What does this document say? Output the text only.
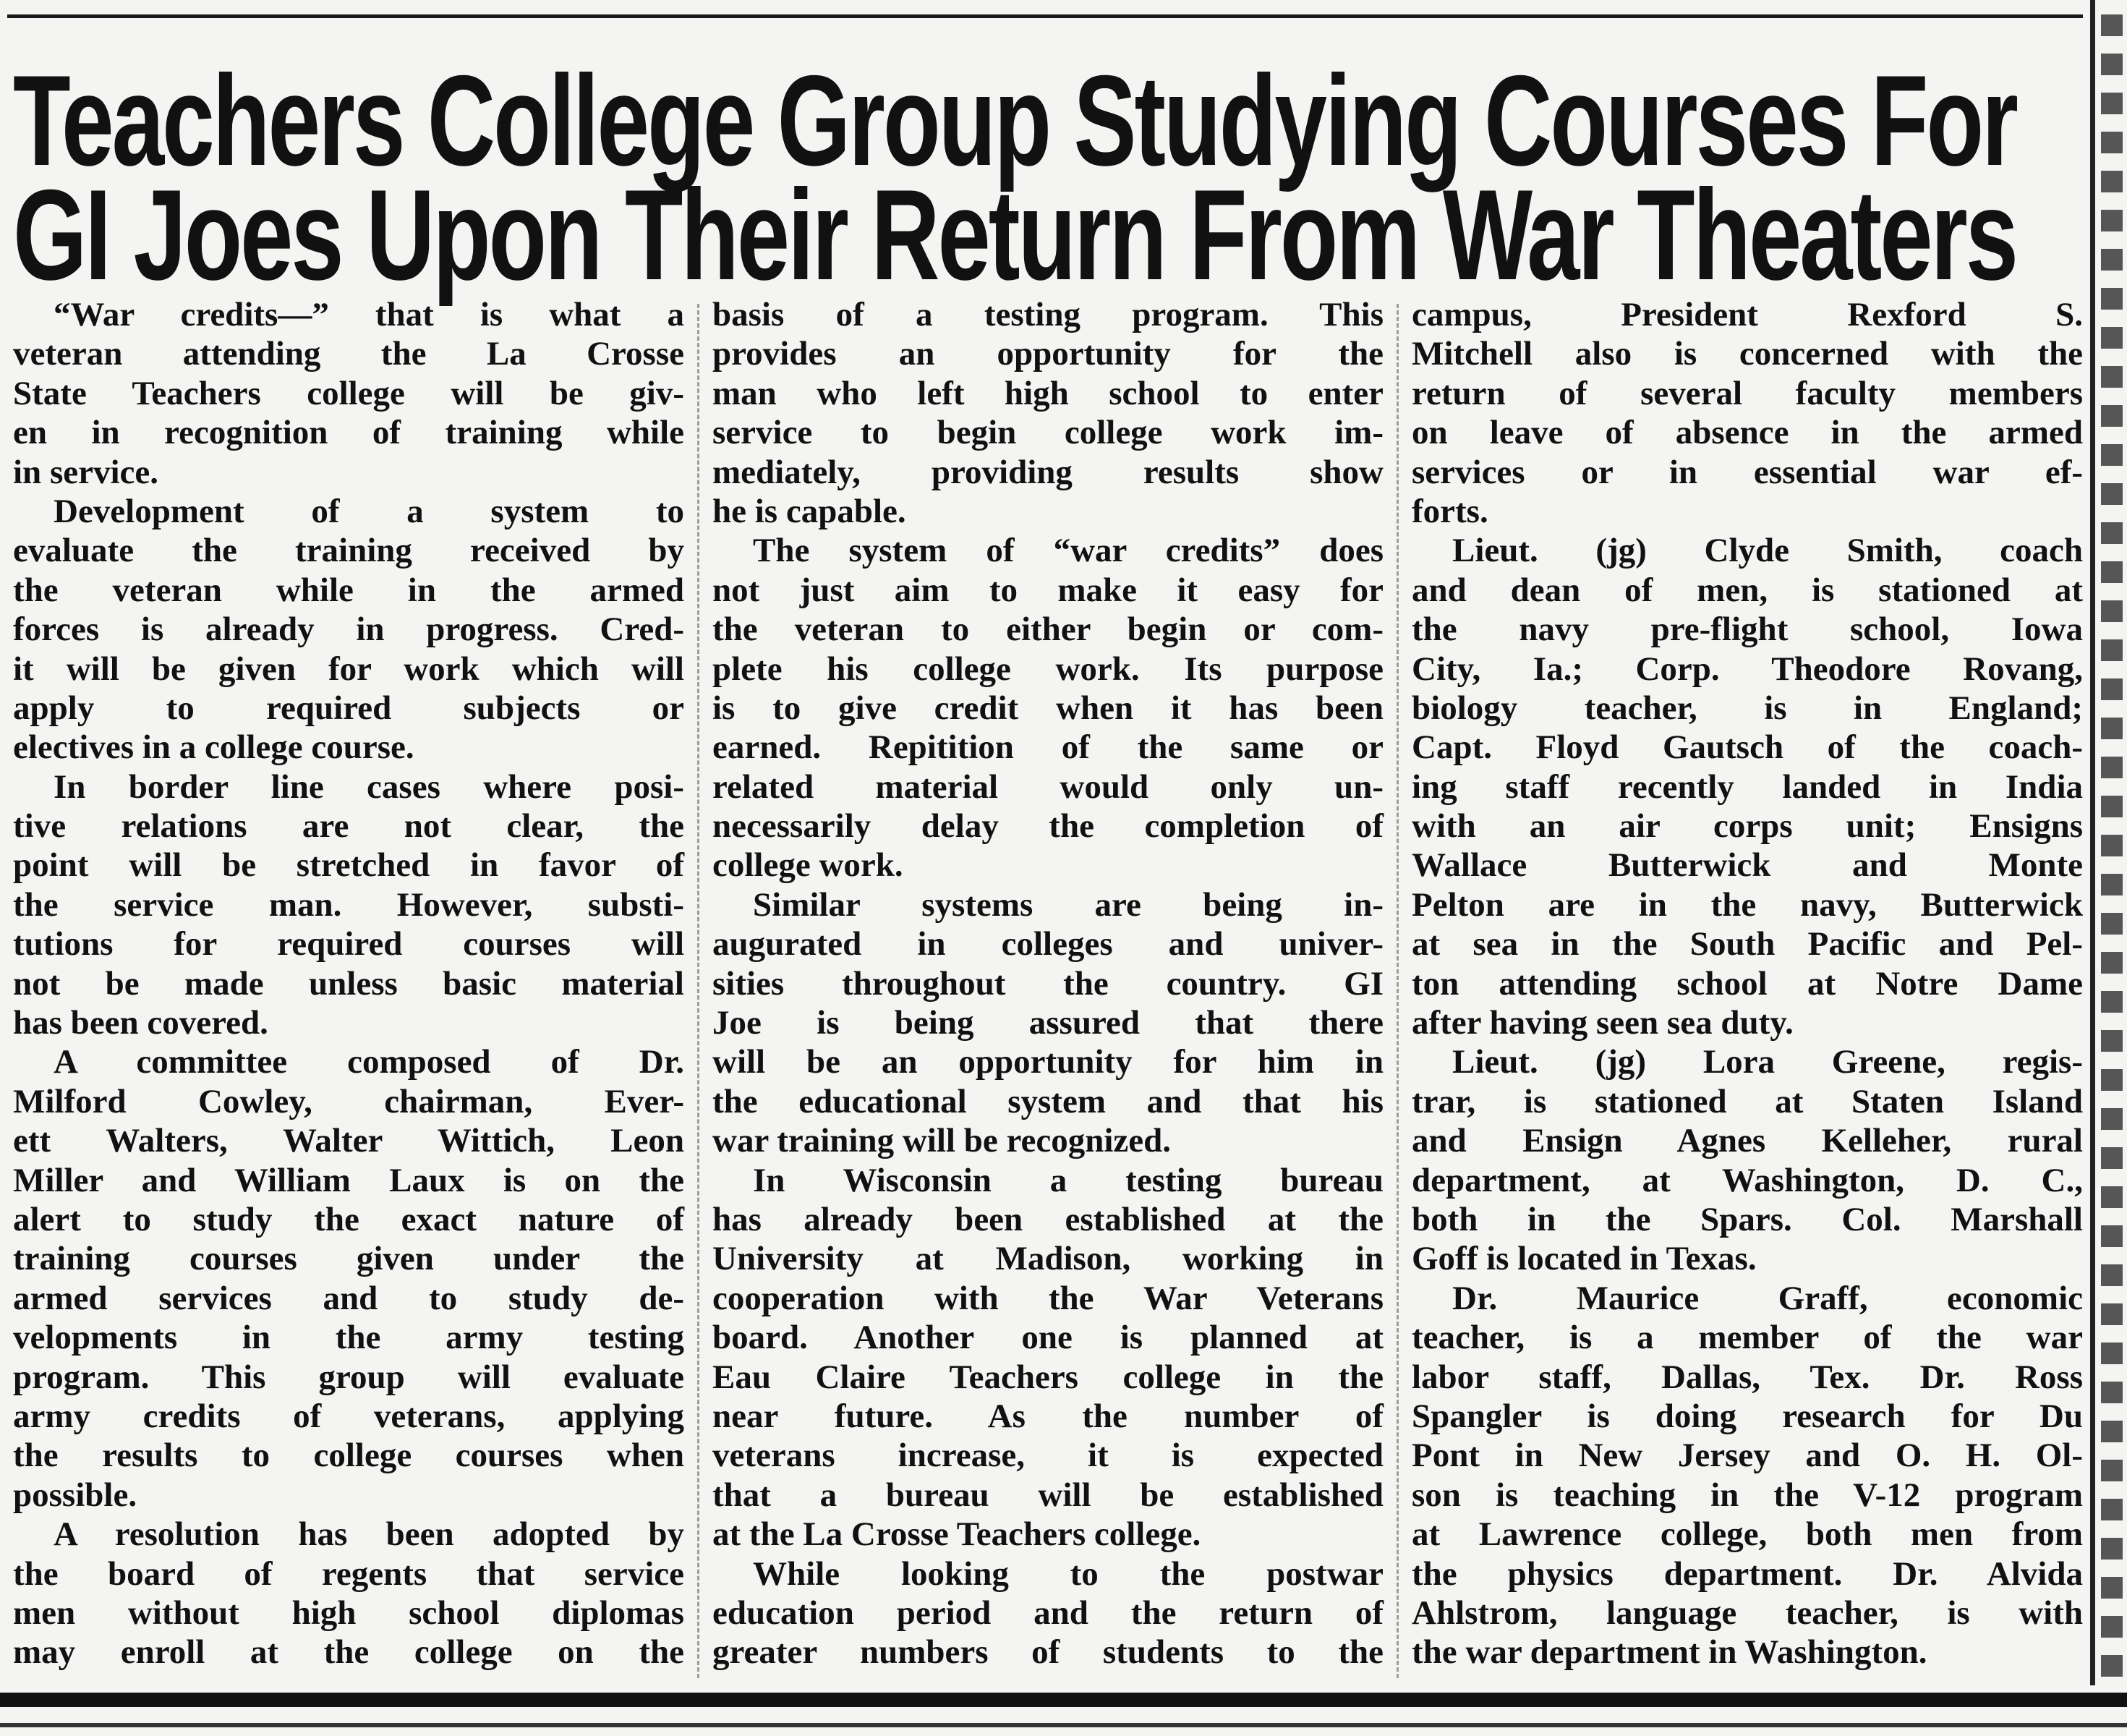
Teachers College Group Studying Courses For
GI Joes Upon Their Return From War Theaters
“War credits—” that is what a
veteran attending the La Crosse
State Teachers college will be giv-
en in recognition of training while
in service.
Development of a system to
evaluate the training received by
the veteran while in the armed
forces is already in progress. Cred-
it will be given for work which will
apply to required subjects or
electives in a college course.
In border line cases where posi-
tive relations are not clear, the
point will be stretched in favor of
the service man. However, substi-
tutions for required courses will
not be made unless basic material
has been covered.
A committee composed of Dr.
Milford Cowley, chairman, Ever-
ett Walters, Walter Wittich, Leon
Miller and William Laux is on the
alert to study the exact nature of
training courses given under the
armed services and to study de-
velopments in the army testing
program. This group will evaluate
army credits of veterans, applying
the results to college courses when
possible.
A resolution has been adopted by
the board of regents that service
men without high school diplomas
may enroll at the college on the
basis of a testing program. This
provides an opportunity for the
man who left high school to enter
service to begin college work im-
mediately, providing results show
he is capable.
The system of “war credits” does
not just aim to make it easy for
the veteran to either begin or com-
plete his college work. Its purpose
is to give credit when it has been
earned. Repitition of the same or
related material would only un-
necessarily delay the completion of
college work.
Similar systems are being in-
augurated in colleges and univer-
sities throughout the country. GI
Joe is being assured that there
will be an opportunity for him in
the educational system and that his
war training will be recognized.
In Wisconsin a testing bureau
has already been established at the
University at Madison, working in
cooperation with the War Veterans
board. Another one is planned at
Eau Claire Teachers college in the
near future. As the number of
veterans increase, it is expected
that a bureau will be established
at the La Crosse Teachers college.
While looking to the postwar
education period and the return of
greater numbers of students to the
campus, President Rexford S.
Mitchell also is concerned with the
return of several faculty members
on leave of absence in the armed
services or in essential war ef-
forts.
Lieut. (jg) Clyde Smith, coach
and dean of men, is stationed at
the navy pre-flight school, Iowa
City, Ia.; Corp. Theodore Rovang,
biology teacher, is in England;
Capt. Floyd Gautsch of the coach-
ing staff recently landed in India
with an air corps unit; Ensigns
Wallace Butterwick and Monte
Pelton are in the navy, Butterwick
at sea in the South Pacific and Pel-
ton attending school at Notre Dame
after having seen sea duty.
Lieut. (jg) Lora Greene, regis-
trar, is stationed at Staten Island
and Ensign Agnes Kelleher, rural
department, at Washington, D. C.,
both in the Spars. Col. Marshall
Goff is located in Texas.
Dr. Maurice Graff, economic
teacher, is a member of the war
labor staff, Dallas, Tex. Dr. Ross
Spangler is doing research for Du
Pont in New Jersey and O. H. Ol-
son is teaching in the V-12 program
at Lawrence college, both men from
the physics department. Dr. Alvida
Ahlstrom, language teacher, is with
the war department in Washington.
